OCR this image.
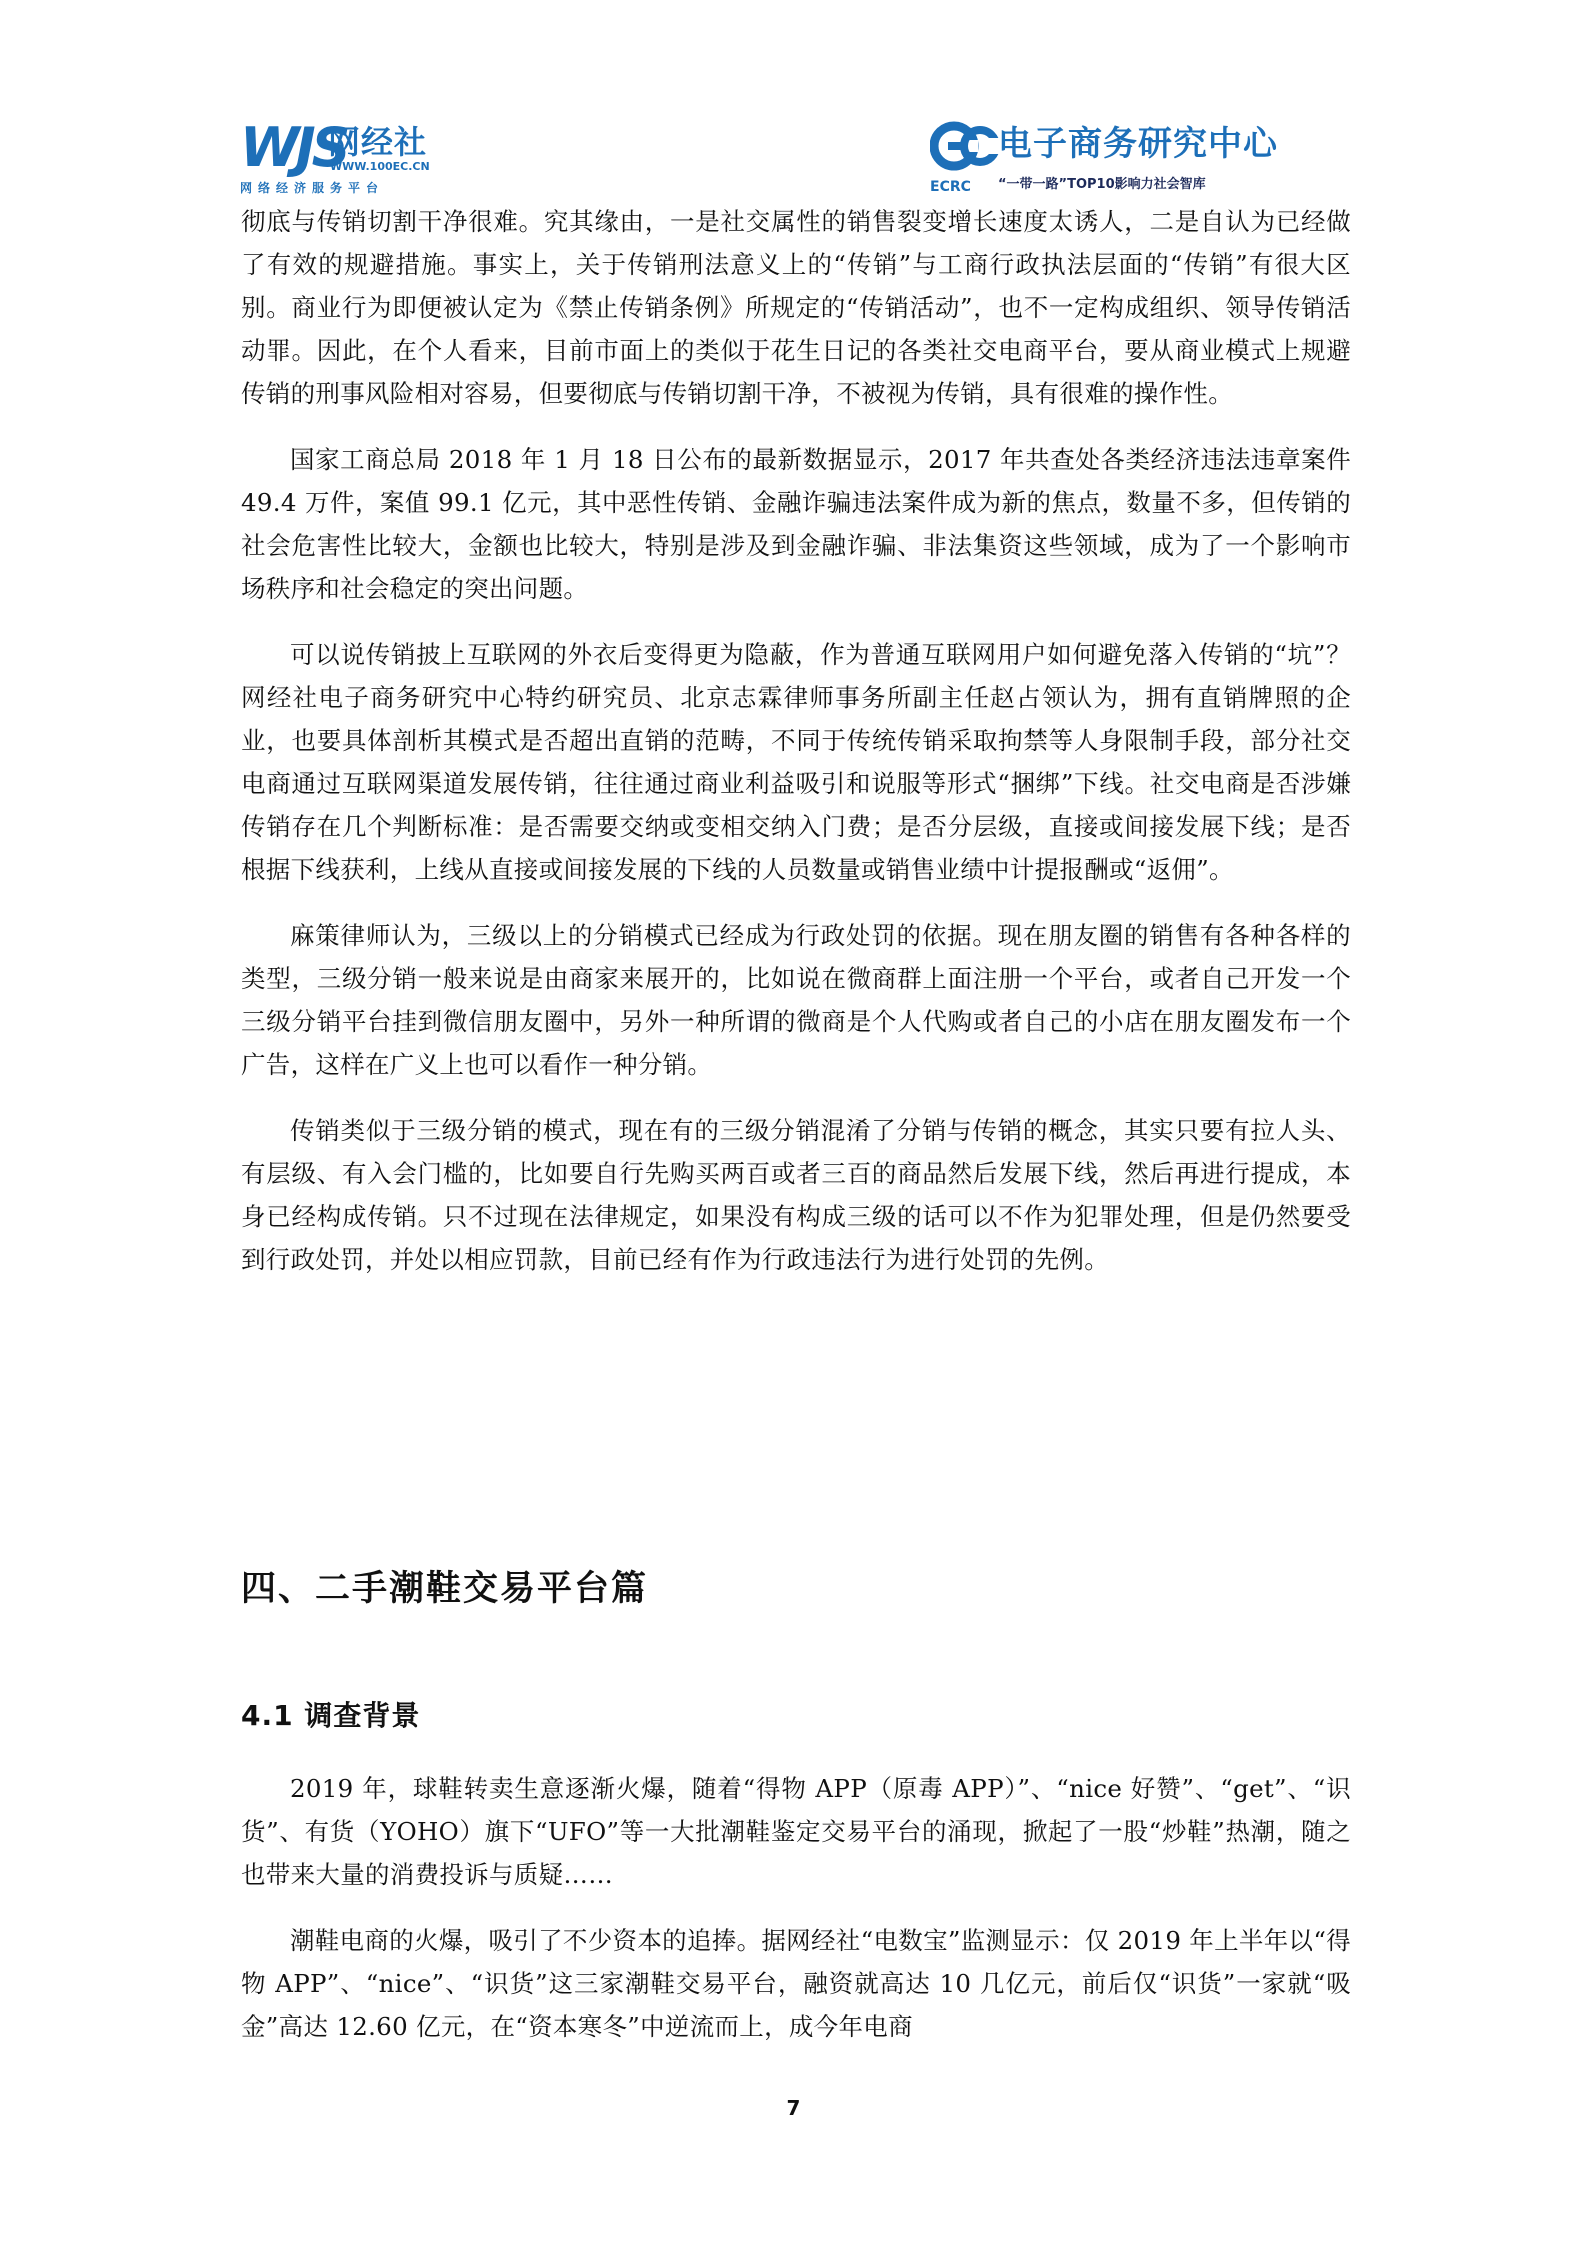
WJS
网经社
WWW.100EC.CN
网络经济服务平台
电子商务研究中心
ECRC “一带一路”TOP10影响力社会智库

彻底与传销切割干净很难。究其缘由，一是社交属性的销售裂变增长速度太诱人，二是自认为已经做了有效的规避措施。事实上，关于传销刑法意义上的“传销”与工商行政执法层面的“传销”有很大区别。商业行为即便被认定为《禁止传销条例》所规定的“传销活动”，也不一定构成组织、领导传销活动罪。因此，在个人看来，目前市面上的类似于花生日记的各类社交电商平台，要从商业模式上规避传销的刑事风险相对容易，但要彻底与传销切割干净，不被视为传销，具有很难的操作性。

国家工商总局 2018 年 1 月 18 日公布的最新数据显示，2017 年共查处各类经济违法违章案件 49.4 万件，案值 99.1 亿元，其中恶性传销、金融诈骗违法案件成为新的焦点，数量不多，但传销的社会危害性比较大，金额也比较大，特别是涉及到金融诈骗、非法集资这些领域，成为了一个影响市场秩序和社会稳定的突出问题。

可以说传销披上互联网的外衣后变得更为隐蔽，作为普通互联网用户如何避免落入传销的“坑”？网经社电子商务研究中心特约研究员、北京志霖律师事务所副主任赵占领认为，拥有直销牌照的企业，也要具体剖析其模式是否超出直销的范畴，不同于传统传销采取拘禁等人身限制手段，部分社交电商通过互联网渠道发展传销，往往通过商业利益吸引和说服等形式“捆绑”下线。社交电商是否涉嫌传销存在几个判断标准：是否需要交纳或变相交纳入门费；是否分层级，直接或间接发展下线；是否根据下线获利，上线从直接或间接发展的下线的人员数量或销售业绩中计提报酬或“返佣”。

麻策律师认为，三级以上的分销模式已经成为行政处罚的依据。现在朋友圈的销售有各种各样的类型，三级分销一般来说是由商家来展开的，比如说在微商群上面注册一个平台，或者自己开发一个三级分销平台挂到微信朋友圈中，另外一种所谓的微商是个人代购或者自己的小店在朋友圈发布一个广告，这样在广义上也可以看作一种分销。

传销类似于三级分销的模式，现在有的三级分销混淆了分销与传销的概念，其实只要有拉人头、有层级、有入会门槛的，比如要自行先购买两百或者三百的商品然后发展下线，然后再进行提成，本身已经构成传销。只不过现在法律规定，如果没有构成三级的话可以不作为犯罪处理，但是仍然要受到行政处罚，并处以相应罚款，目前已经有作为行政违法行为进行处罚的先例。

四、二手潮鞋交易平台篇
4.1 调查背景

2019 年，球鞋转卖生意逐渐火爆，随着“得物 APP（原毒 APP）”、“nice 好赞”、“get”、“识货”、有货（YOHO）旗下“UFO”等一大批潮鞋鉴定交易平台的涌现，掀起了一股“炒鞋”热潮，随之也带来大量的消费投诉与质疑……

潮鞋电商的火爆，吸引了不少资本的追捧。据网经社“电数宝”监测显示：仅 2019 年上半年以“得物 APP”、“nice”、“识货”这三家潮鞋交易平台，融资就高达 10 几亿元，前后仅“识货”一家就“吸金”高达 12.60 亿元，在“资本寒冬”中逆流而上，成今年电商

7
